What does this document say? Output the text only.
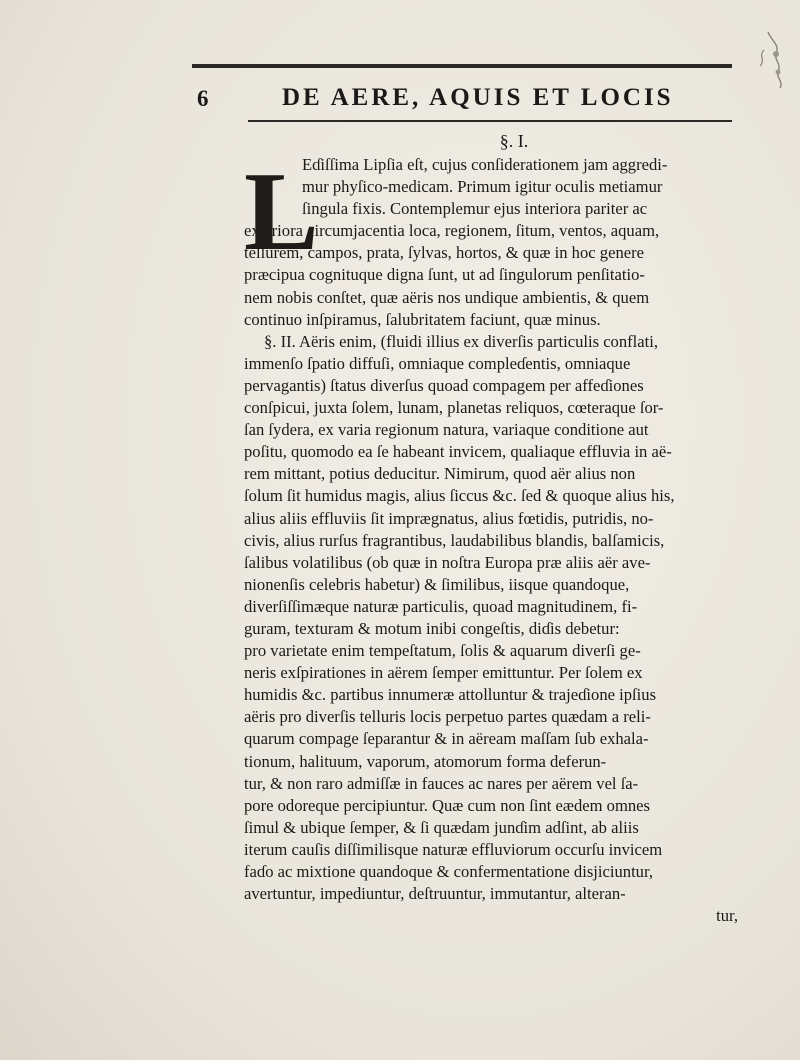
6	DE AERE, AQUIS ET LOCIS
§. I.
L

Eɗiſſima Lipſia eſt, cujus conſiderationem jam aggredi-

mur phyſico-medicam. Primum igitur oculis metiamur

ſingula fixis. Contemplemur ejus interiora pariter ac

exteriora circumjacentia loca, regionem, ſitum, ventos, aquam,

tellurem, campos, prata, ſylvas, hortos, & quæ in hoc genere

præcipua cognituque digna ſunt, ut ad ſingulorum penſitatio-

nem nobis conſtet, quæ aëris nos undique ambientis, & quem

continuo inſpiramus, ſalubritatem faciunt, quæ minus.

§. II. Aëris enim, (fluidi illius ex diverſis particulis conflati,

immenſo ſpatio diffuſi, omniaque compleɗentis, omniaque

pervagantis) ſtatus diverſus quoad compagem per affeɗiones

conſpicui, juxta ſolem, lunam, planetas reliquos, cœteraque ſor-

ſan ſydera, ex varia regionum natura, variaque conditione aut

poſitu, quomodo ea ſe habeant invicem, qualiaque effluvia in aë-

rem mittant, potius deducitur. Nimirum, quod aër alius non

ſolum ſit humidus magis, alius ſiccus &c. ſed & quoque alius his,

alius aliis effluviis ſit imprægnatus, alius fœtidis, putridis, no-

civis, alius rurſus fragrantibus, laudabilibus blandis, balſamicis,

ſalibus volatilibus (ob quæ in noſtra Europa præ aliis aër ave-

nionenſis celebris habetur) & ſimilibus, iisque quandoque,

diverſiſſimæque naturæ particulis, quoad magnitudinem, fi-

guram, texturam & motum inibi congeſtis, diɗis debetur:

pro varietate enim tempeſtatum, ſolis & aquarum diverſi ge-

neris exſpirationes in aërem ſemper emittuntur. Per ſolem ex

humidis &c. partibus innumeræ attolluntur & trajeɗione ipſius

aëris pro diverſis telluris locis perpetuo partes quædam a reli-

quarum compage ſeparantur & in aëream maſſam ſub exhala-

tionum, halituum, vaporum, atomorum forma deferun-

tur, & non raro admiſſæ in fauces ac nares per aërem vel ſa-

pore odoreque percipiuntur. Quæ cum non ſint eædem omnes

ſimul & ubique ſemper, & ſi quædam junɗim adſint, ab aliis

iterum cauſis diſſimilisque naturæ effluviorum occurſu invicem

faɗo ac mixtione quandoque & confermentatione disjiciuntur,

avertuntur, impediuntur, deſtruuntur, immutantur, alteran-

tur,
